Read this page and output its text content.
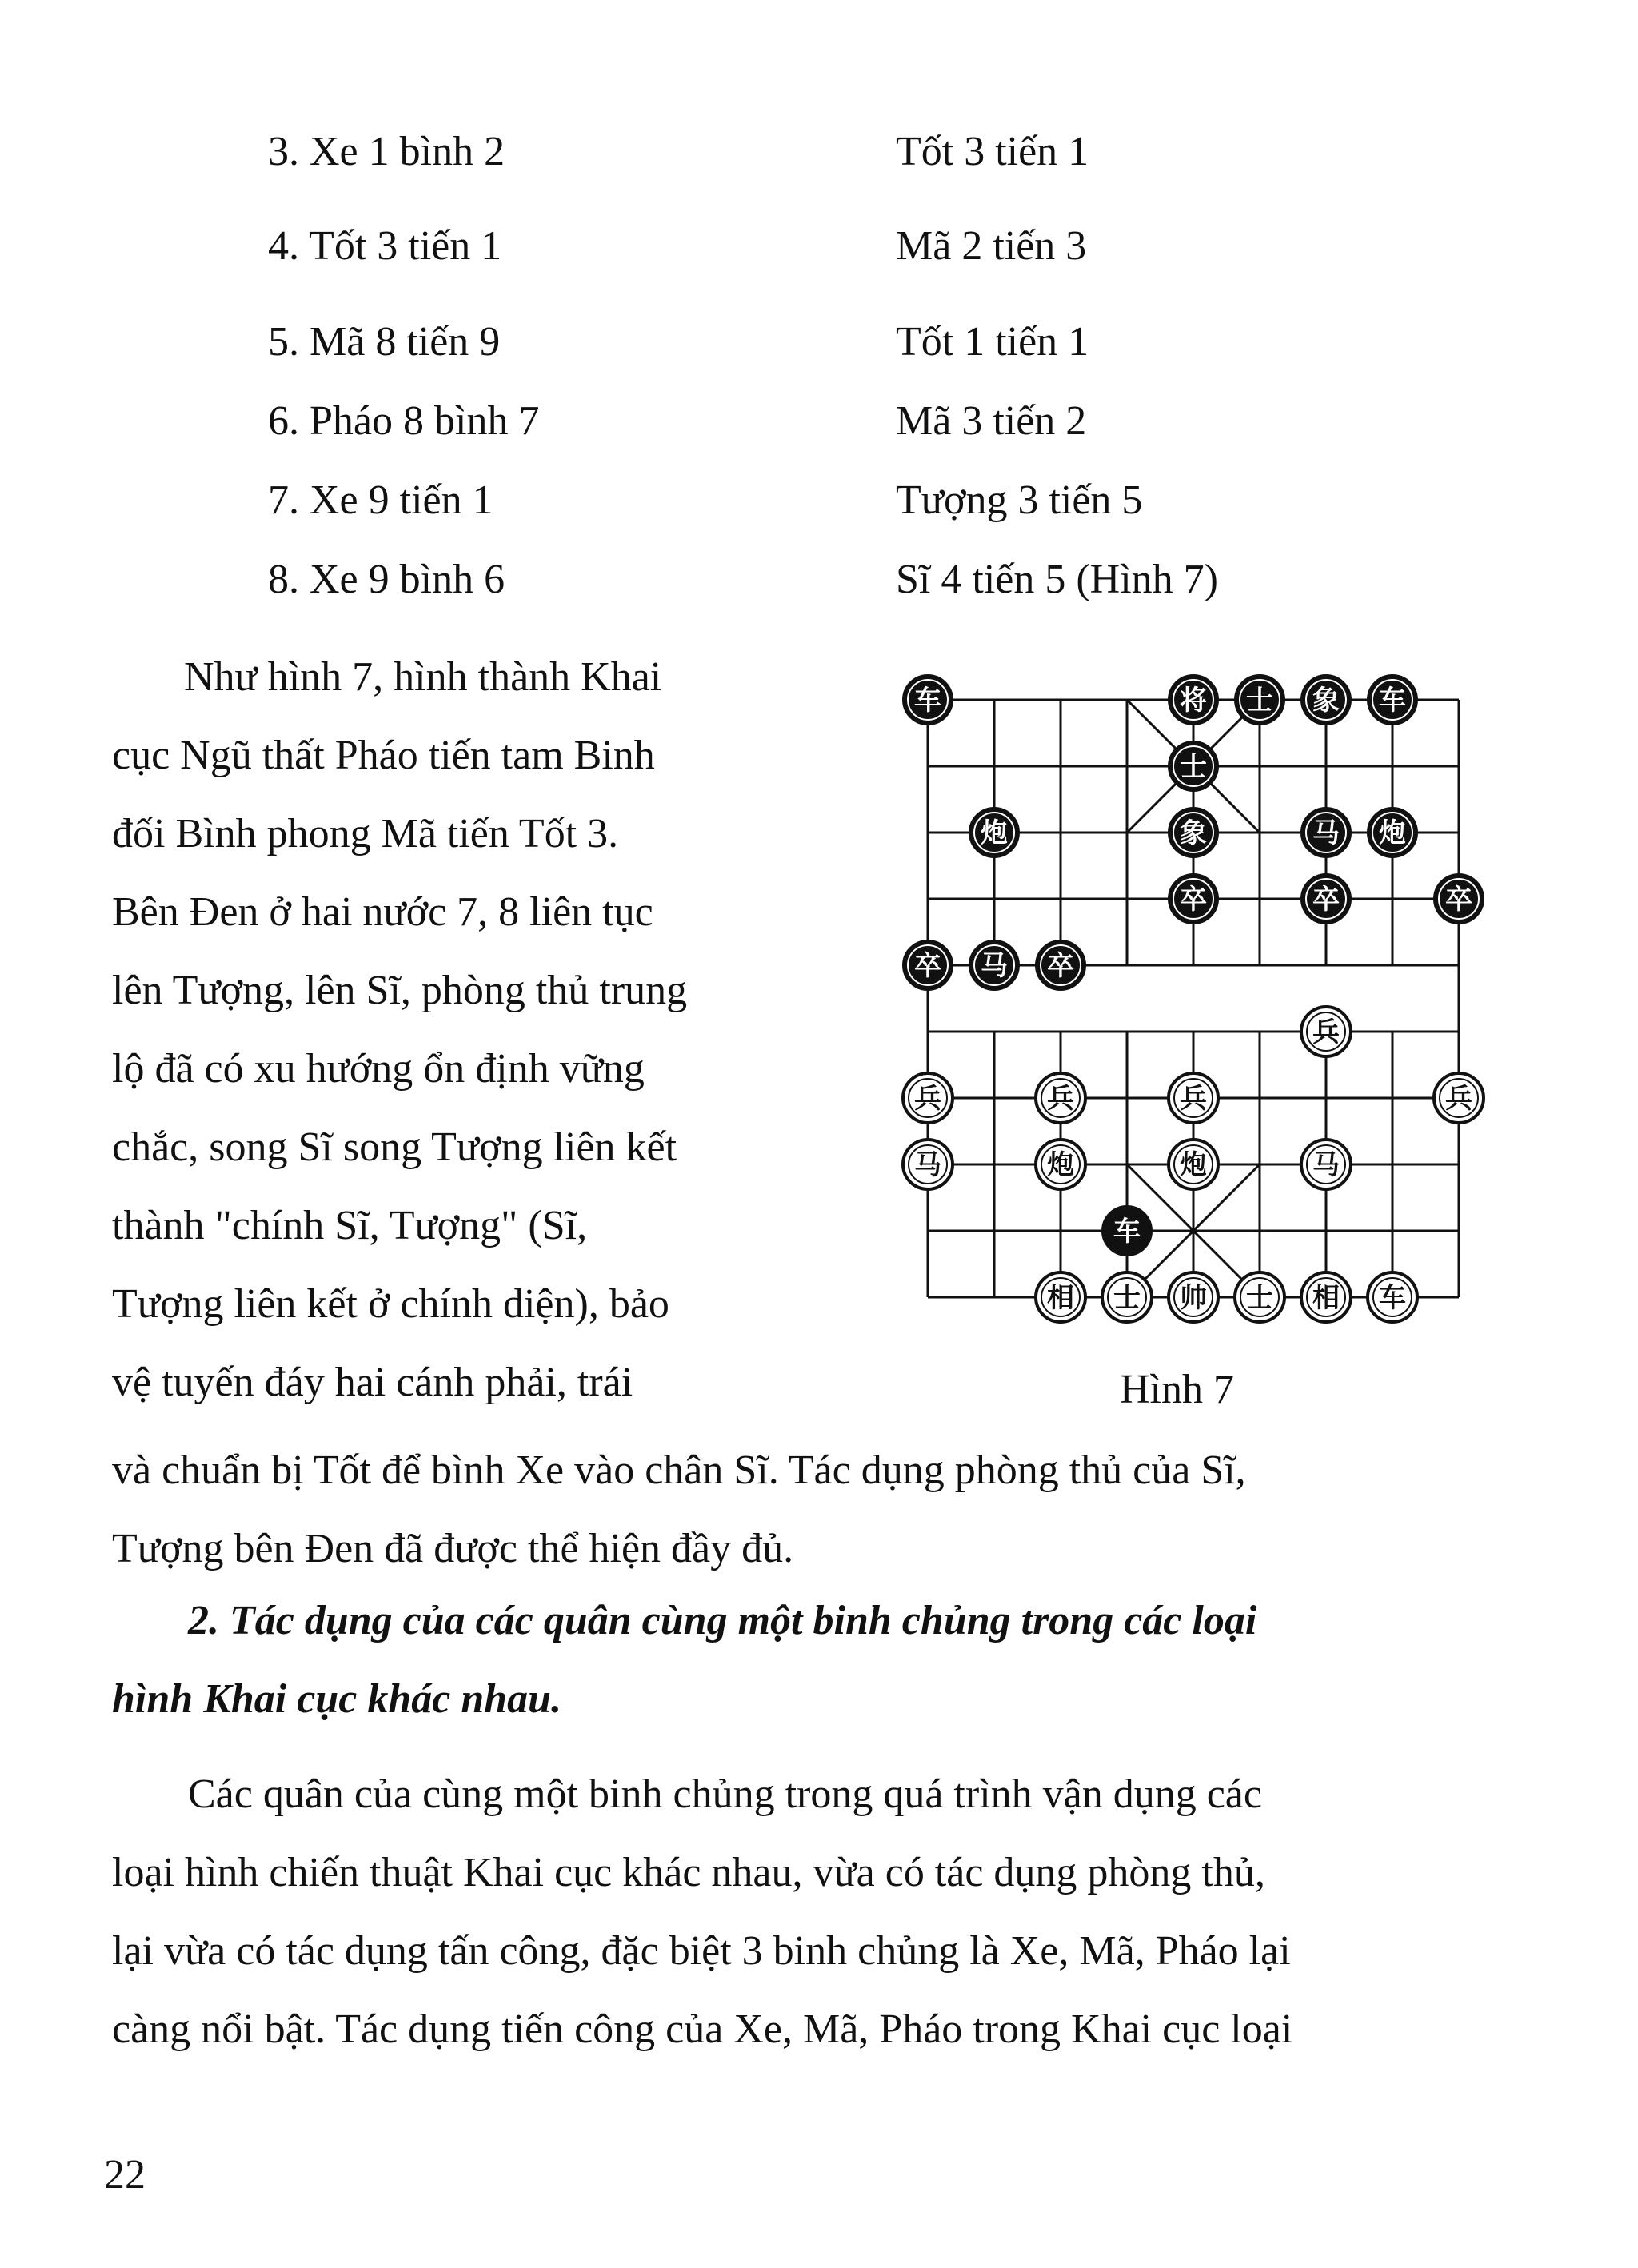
3. Xe 1 bình 2	Tốt 3 tiến 1
4. Tốt 3 tiến 1	Mã 2 tiến 3
5. Mã 8 tiến 9	Tốt 1 tiến 1
6. Pháo 8 bình 7	Mã 3 tiến 2
7. Xe 9 tiến 1	Tượng 3 tiến 5
8. Xe 9 bình 6	Sĩ 4 tiến 5 (Hình 7)
Như hình 7, hình thành Khai
cục Ngũ thất Pháo tiến tam Binh
đối Bình phong Mã tiến Tốt 3.
Bên Đen ở hai nước 7, 8 liên tục
lên Tượng, lên Sĩ, phòng thủ trung
lộ đã có xu hướng ổn định vững
chắc, song Sĩ song Tượng liên kết
thành "chính Sĩ, Tượng" (Sĩ,
Tượng liên kết ở chính diện), bảo
vệ tuyến đáy hai cánh phải, trái
车	将 士 象 车
士
炮	象	马 炮
卒	卒	卒
卒 马 卒
兵
兵	兵	兵	兵
马	炮	炮	马
相 士 帅 士 相 车
车
Hình 7
và chuẩn bị Tốt để bình Xe vào chân Sĩ. Tác dụng phòng thủ của Sĩ,
Tượng bên Đen đã được thể hiện đầy đủ.
2. Tác dụng của các quân cùng một binh chủng trong các loại
hình Khai cục khác nhau.
Các quân của cùng một binh chủng trong quá trình vận dụng các
loại hình chiến thuật Khai cục khác nhau, vừa có tác dụng phòng thủ,
lại vừa có tác dụng tấn công, đặc biệt 3 binh chủng là Xe, Mã, Pháo lại
càng nổi bật. Tác dụng tiến công của Xe, Mã, Pháo trong Khai cục loại
22
